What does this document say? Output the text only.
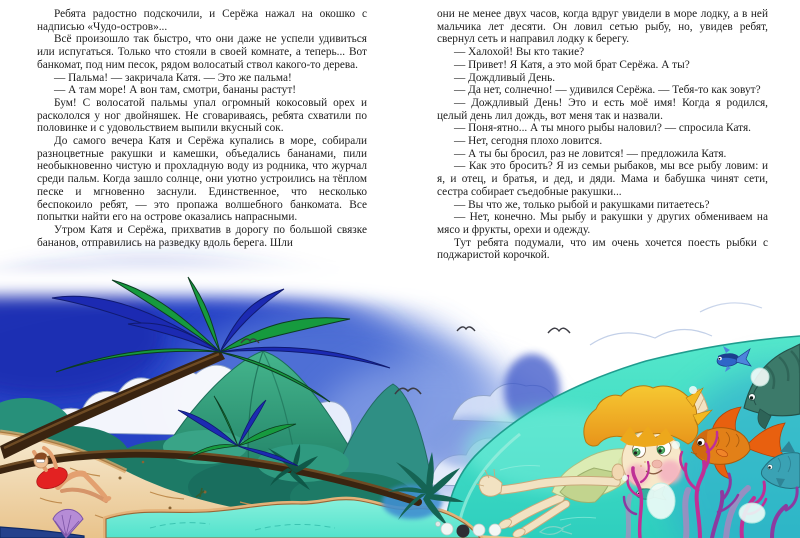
Ребята радостно подскочили, и Серёжа нажал на окошко с надписью «Чудо-остров»...

Всё произошло так быстро, что они даже не успели удивиться или испугаться. Только что стояли в своей комнате, а теперь... Вот банкомат, под ним песок, рядом волосатый ствол какого-то дерева.

— Пальма! — закричала Катя. — Это же пальма!

— А там море! А вон там, смотри, бананы растут!

Бум! С волосатой пальмы упал огромный кокосовый орех и раскололся у ног двойняшек. Не сговариваясь, ребята схватили по половинке и с удовольствием выпили вкусный сок.

До самого вечера Катя и Серёжа купались в море, собирали разноцветные ракушки и камешки, объедались бананами, пили необыкновенно чистую и прохладную воду из родника, что журчал среди пальм. Когда зашло солнце, они уютно устроились на тёплом песке и мгновенно заснули. Единственное, что несколько беспокоило ребят, — это пропажа волшебного банкомата. Все попытки найти его на острове оказались напрасными.

Утром Катя и Серёжа, прихватив в дорогу по большой связке бананов, отправились на разведку вдоль берега. Шли

они не менее двух часов, когда вдруг увидели в море лодку, а в ней мальчика лет десяти. Он ловил сетью рыбу, но, увидев ребят, свернул сеть и направил лодку к берегу.

— Халохой! Вы кто такие?

— Привет! Я Катя, а это мой брат Серёжа. А ты?

— Дождливый День.

— Да нет, солнечно! — удивился Серёжа. — Тебя-то как зовут?

— Дождливый День! Это и есть моё имя! Когда я родился, целый день лил дождь, вот меня так и назвали.

— Поня-ятно... А ты много рыбы наловил? — спросила Катя.

— Нет, сегодня плохо ловится.

— А ты бы бросил, раз не ловится! — предложила Катя.

— Как это бросить? Я из семьи рыбаков, мы все рыбу ловим: и я, и отец, и братья, и дед, и дяди. Мама и бабушка чинят сети, сестра собирает съедобные ракушки...

— Вы что же, только рыбой и ракушками питаетесь?

— Нет, конечно. Мы рыбу и ракушки у других обмениваем на мясо и фрукты, орехи и одежду.

Тут ребята подумали, что им очень хочется поесть рыбки с поджаристой корочкой.
